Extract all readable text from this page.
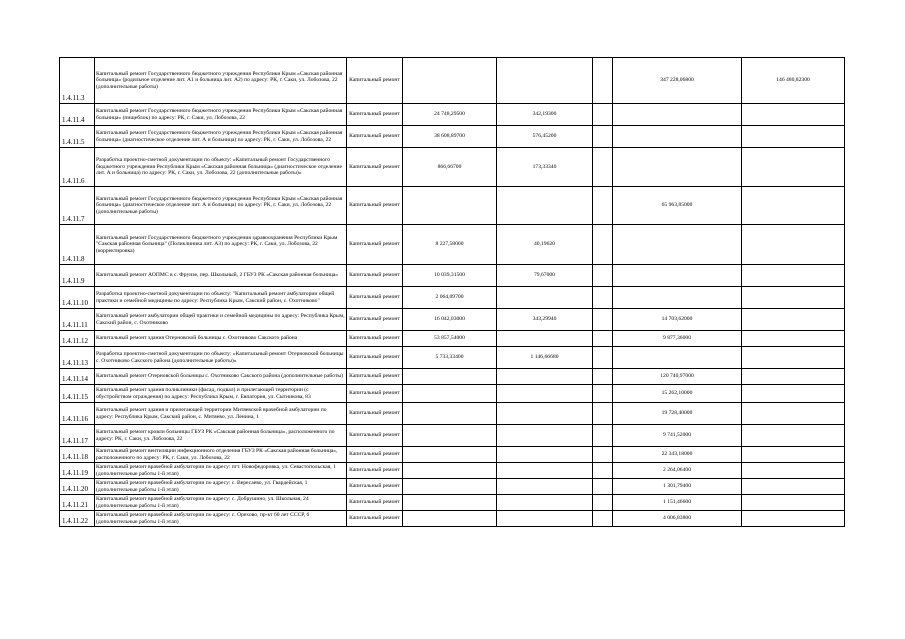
1.4.11.3	Капитальный ремонт Государственного бюджетного учреждения Республики Крым «Сакская районная больница» (родильное отделение лит. А1 и больница лит. А2) по адресу: РК, г. Саки, ул. Лобозова, 22 (дополнительные работы)	Капитальный ремонт				347 228,06800	146 480,82300
1.4.11.4	Капитальный ремонт Государственного бюджетного учреждения Республики Крым «Сакская районная больница» (пищеблок) по адресу: РК, г. Саки, ул. Лобозова, 22	Капитальный ремонт	24 748,29500	342,19300			
1.4.11.5	Капитальный ремонт Государственного бюджетного учреждения Республики Крым «Сакская районная больница» (диагностическое отделение лит. А и больница) по адресу: РК, г. Саки, ул. Лобозова, 22	Капитальный ремонт	38 608,89700	576,45200			
1.4.11.6	Разработка проектно-сметной документации по объекту: «Капитальный ремонт Государственного бюджетного учреждения Республики Крым «Сакская районная больница» (диагностическое отделение лит. А и больница) по адресу: РК, г. Саки, ул. Лобозова, 22 (дополнительные работы)»	Капитальный ремонт	866,66700	173,33340			
1.4.11.7	Капитальный ремонт Государственного бюджетного учреждения Республики Крым «Сакская районная больница» (диагностическое отделение лит. А и больница) по адресу: РК, г. Саки, ул. Лобозова, 22 (дополнительные работы)	Капитальный ремонт				65 963,85000	
1.4.11.8	Капитальный ремонт Государственного бюджетного учреждения здравоохранения Республики Крым "Сакская районная больница" (Поликлиника лит. А3) по адресу: РК, г. Саки, ул. Лобозова, 22 (корректировка)	Капитальный ремонт	8 227,58000	40,19620			
1.4.11.9	Капитальный ремонт АОПМС в с. Фрунзе, пер. Школьный, 2 ГБУЗ РК «Сакская районная больница»	Капитальный ремонт	10 039,31500	79,67000			
1.4.11.10	Разработка проектно-сметной документации по объекту: "Капитальный ремонт амбулатории общей практики и семейной медицины по адресу: Республика Крым, Сакский район, с. Охотниково"	Капитальный ремонт	2 064,09700				
1.4.11.11	Капитальный ремонт амбулатории общей практики и семейной медицины по адресу: Республика Крым, Сакский район, с. Охотниково	Капитальный ремонт	16 042,03000	343,29940		14 703,62000	
1.4.11.12	Капитальный ремонт здания Отерновской больницы с. Охотниково Сакского района	Капитальный ремонт	53 857,54000			9 877,36000	
1.4.11.13	Разработка проектно-сметной документации по объекту: «Капитальный ремонт Отерновской больницы с. Охотниково Сакского района (дополнительные работы)»	Капитальный ремонт	5 733,33400	1 146,66680			
1.4.11.14	Капитальный ремонт Отерновской больницы с. Охотниково Сакского района (дополнительные работы)	Капитальный ремонт				120 740,97000	
1.4.11.15	Капитальный ремонт здания поликлиники (фасад, подвал) и прилегающей территории (с обустройством ограждения) по адресу: Республика Крым, г. Евпатория, ул. Сытникова, 83	Капитальный ремонт				15 262,10000	
1.4.11.16	Капитальный ремонт здания и прилегающей территории Митяевской врачебной амбулатории по адресу: Республика Крым, Сакский район, с. Митяево, ул. Ленина, 1	Капитальный ремонт				19 728,40000	
1.4.11.17	Капитальный ремонт кровли больницы ГБУЗ РК «Сакская районная больница», расположенного по адресу: РК, г. Саки, ул. Лобозова, 22	Капитальный ремонт				9 741,52000	
1.4.11.18	Капитальный ремонт вентиляции инфекционного отделения ГБУЗ РК «Сакская районная больница», расположенного по адресу: РК, г. Саки, ул. Лобозова, 22	Капитальный ремонт				22 343,18000	
1.4.11.19	Капитальный ремонт врачебной амбулатории по адресу: пгт. Новофедоровка, ул. Севастопольская, 1 (дополнительные работы 1-й этап)	Капитальный ремонт				2 264,06400	
1.4.11.20	Капитальный ремонт врачебной амбулатории по адресу: с. Вересаево, ул. Гвардейская, 1 (дополнительные работы 1-й этап)	Капитальный ремонт				1 301,79400	
1.4.11.21	Капитальный ремонт врачебной амбулатории по адресу: с. Добрушино, ул. Школьная, 24 (дополнительные работы 1-й этап)	Капитальный ремонт				1 151,46600	
1.4.11.22	Капитальный ремонт врачебной амбулатории по адресу: с. Орехово, пр-кт 60 лет СССР, 6 (дополнительные работы 1-й этап)	Капитальный ремонт				4 006,83800	
